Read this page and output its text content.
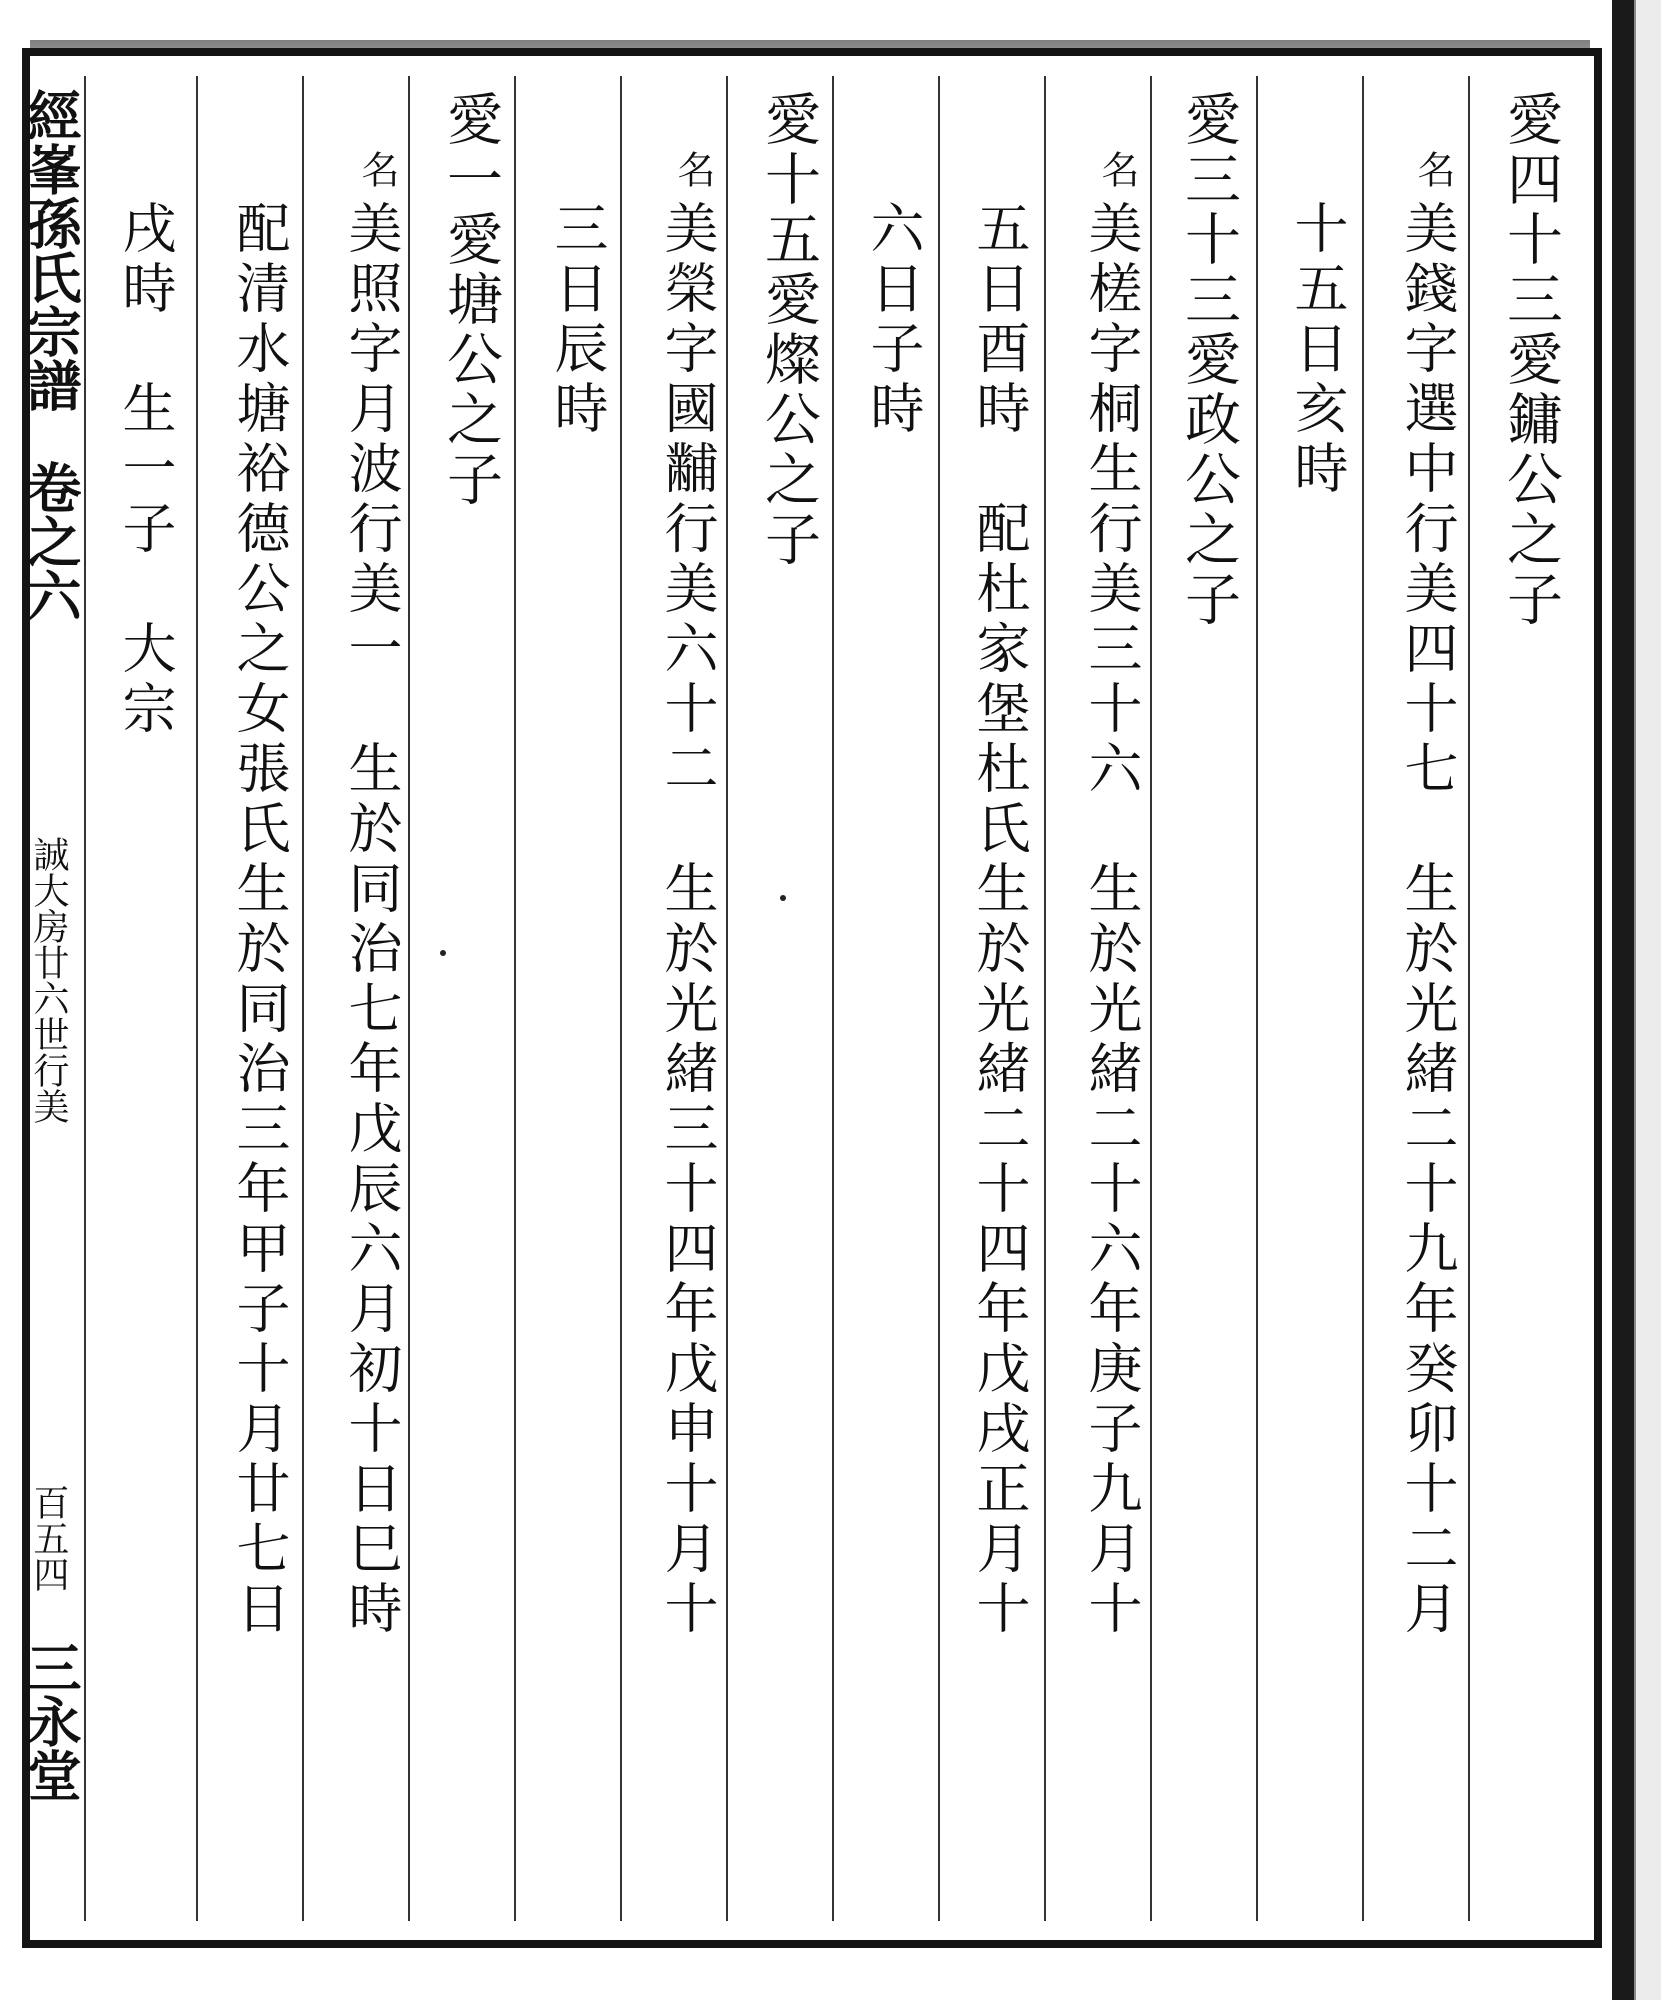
經峯孫氏宗譜
卷之六
誠大房廿六世行美
百五四
三永堂
愛四十三愛鏞公之子
名
美錢字選中行美四十七　生於光緒二十九年癸卯十二月
十五日亥時
愛三十三愛政公之子
名
美槎字桐生行美三十六　生於光緒二十六年庚子九月十
五日酉時　配杜家堡杜氏生於光緒二十四年戊戌正月十
六日子時
愛十五愛燦公之子
名
美榮字國黼行美六十二　生於光緒三十四年戊申十月十
三日辰時
愛一愛塘公之子
名
美照字月波行美一　生於同治七年戊辰六月初十日巳時
配清水塘裕德公之女張氏生於同治三年甲子十月廿七日
戌時　生一子　大宗
